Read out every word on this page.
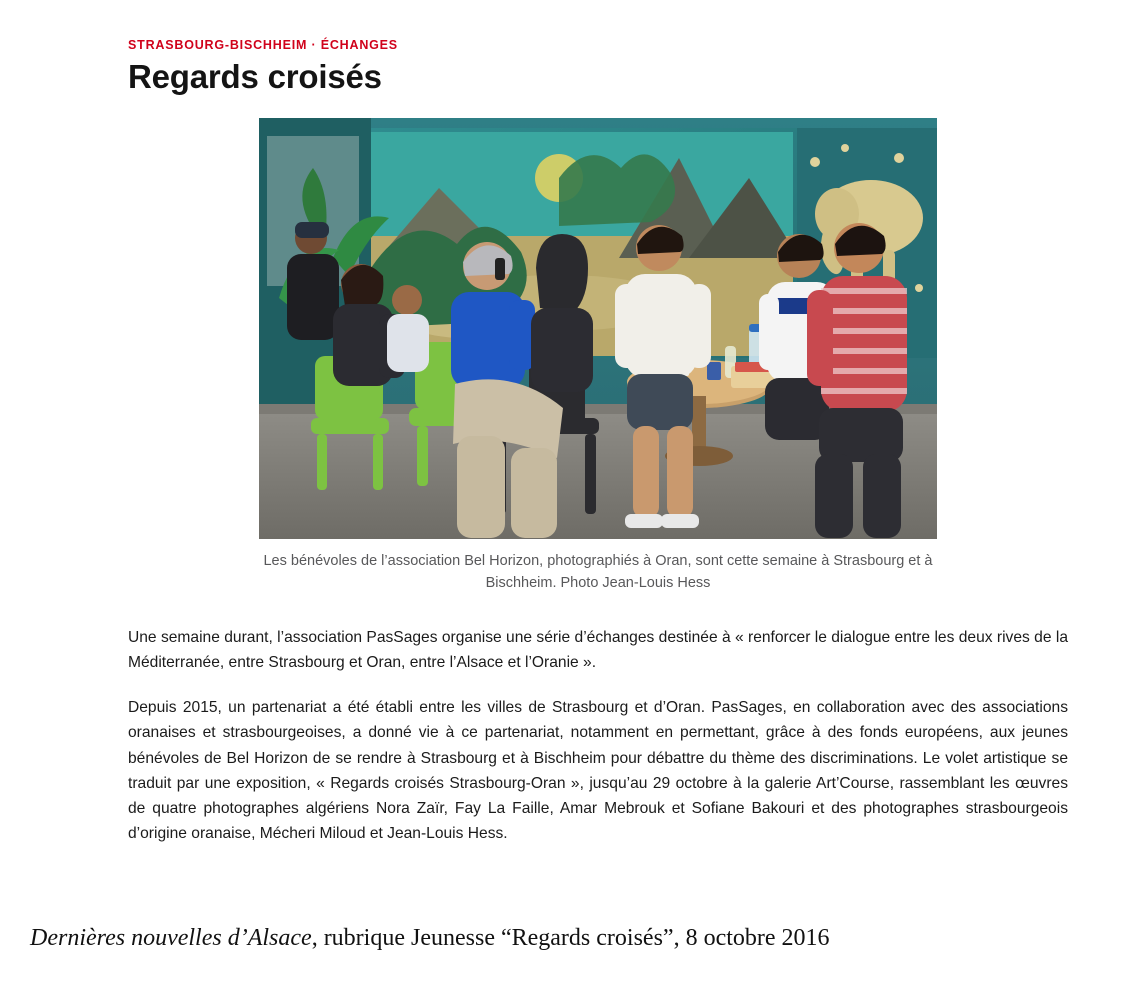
STRASBOURG-BISCHHEIM · ÉCHANGES
Regards croisés
Les bénévoles de l’association Bel Horizon, photographiés à Oran, sont cette semaine à Strasbourg et à Bischheim. Photo Jean-Louis Hess

Une semaine durant, l’association PasSages organise une série d’échanges destinée à « renforcer le dialogue entre les deux rives de la Méditerranée, entre Strasbourg et Oran, entre l’Alsace et l’Oranie ».

Depuis 2015, un partenariat a été établi entre les villes de Strasbourg et d’Oran. PasSages, en collaboration avec des associations oranaises et strasbourgeoises, a donné vie à ce partenariat, notamment en permettant, grâce à des fonds européens, aux jeunes bénévoles de Bel Horizon de se rendre à Strasbourg et à Bischheim pour débattre du thème des discriminations. Le volet artistique se traduit par une exposition, « Regards croisés Strasbourg-Oran », jusqu’au 29 octobre à la galerie Art’Course, rassemblant les œuvres de quatre photographes algériens Nora Zaïr, Fay La Faille, Amar Mebrouk et Sofiane Bakouri et des photographes strasbourgeois d’origine oranaise, Mécheri Miloud et Jean-Louis Hess.

Dernières nouvelles d’Alsace, rubrique Jeunesse “Regards croisés”, 8 octobre 2016
